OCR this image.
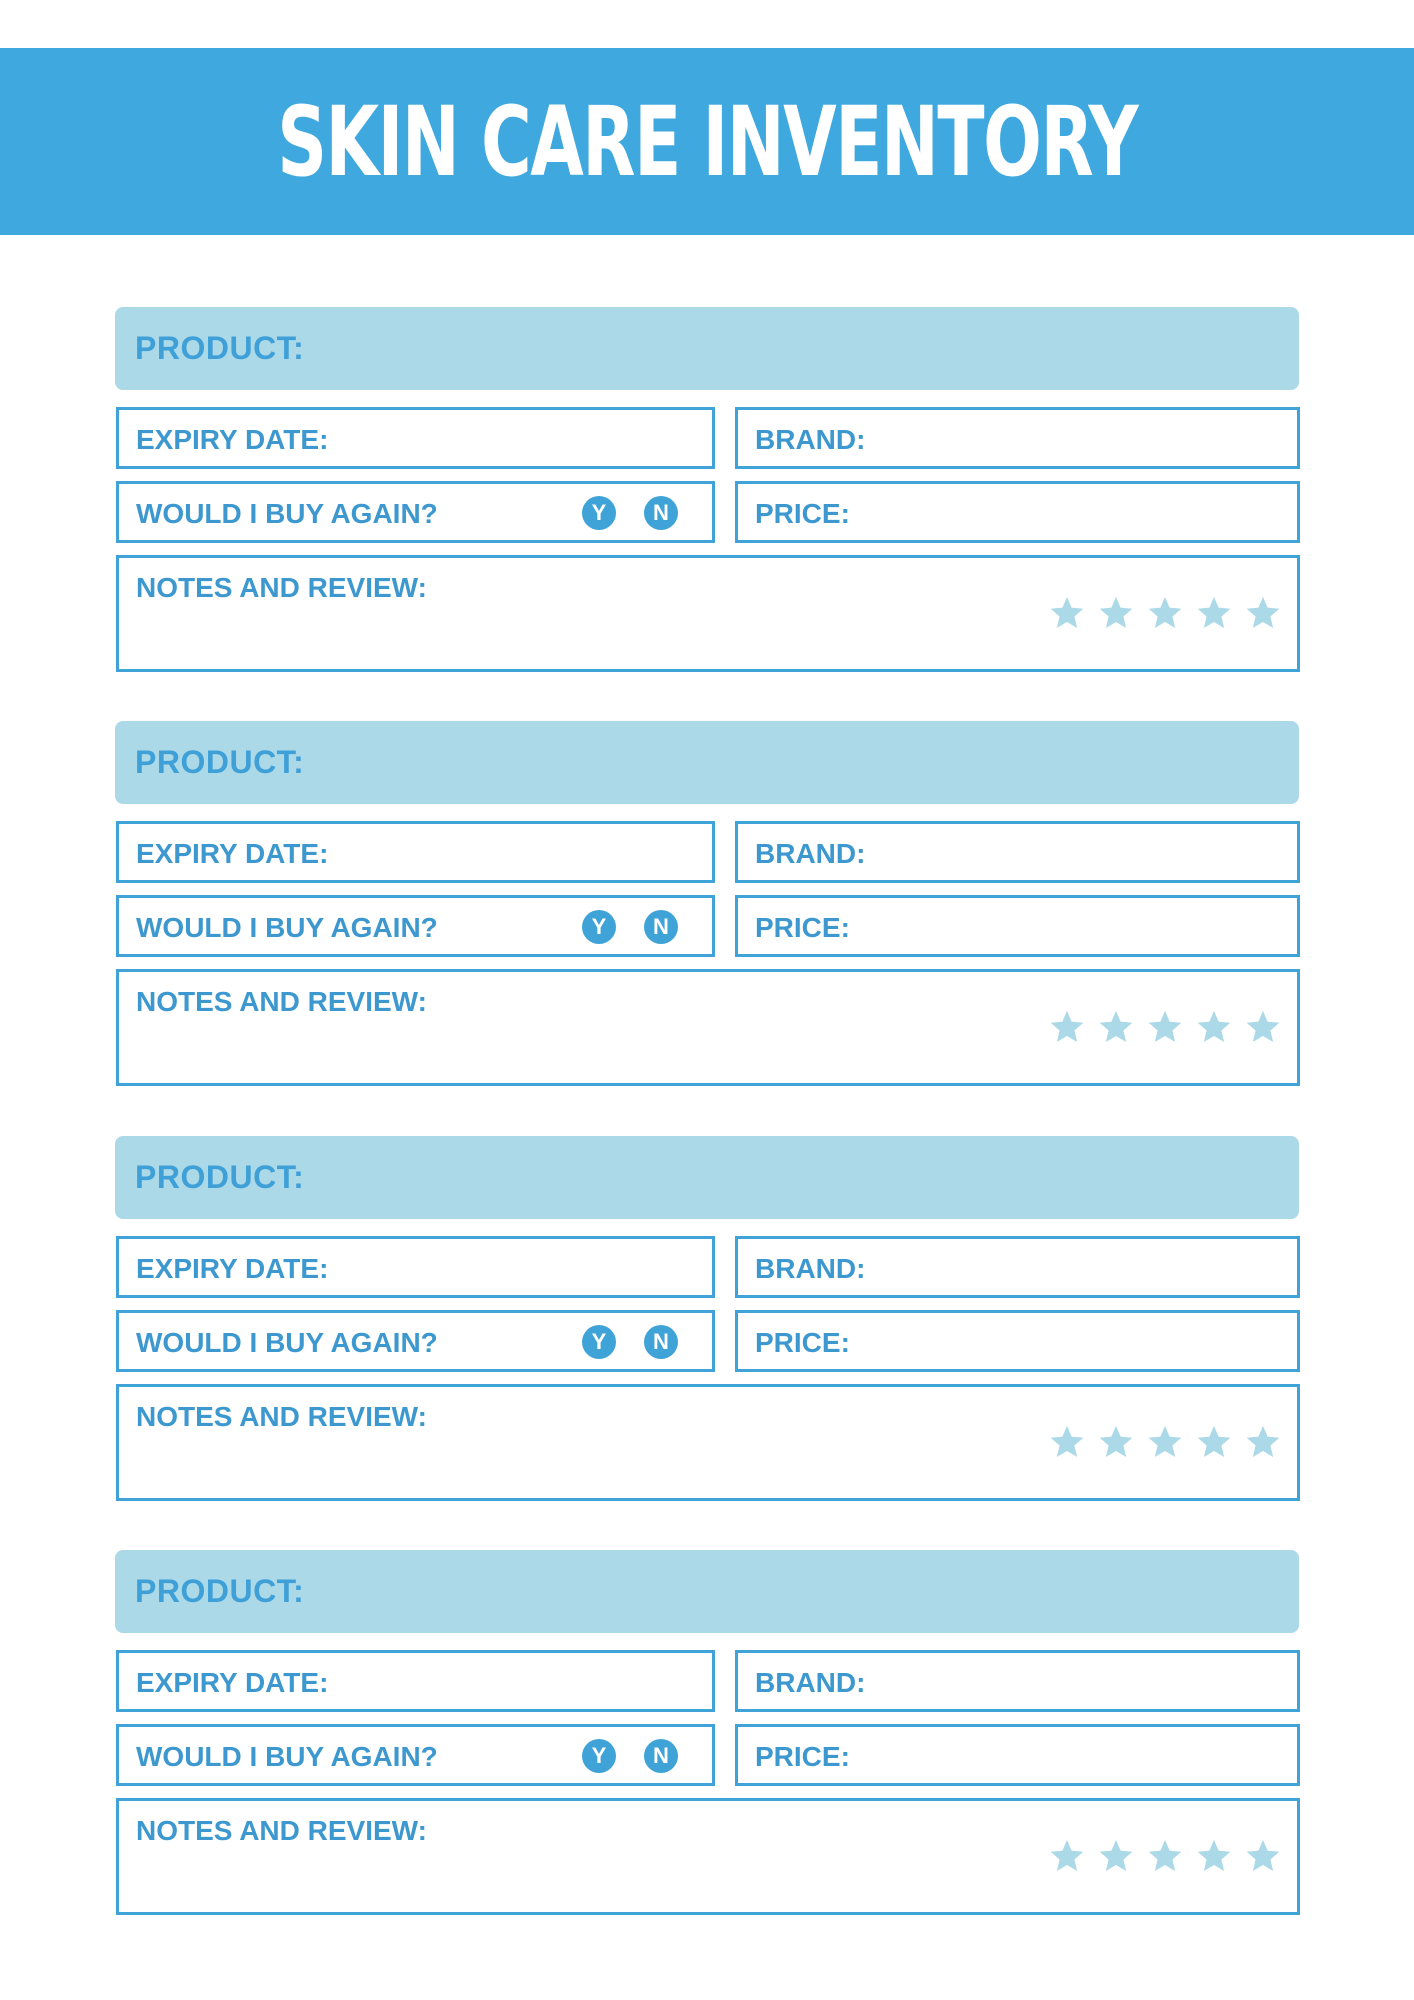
SKIN CARE INVENTORY
PRODUCT:
EXPIRY DATE:	BRAND:
WOULD I BUY AGAIN?	Y	N	PRICE:
NOTES AND REVIEW:
PRODUCT:
EXPIRY DATE:	BRAND:
WOULD I BUY AGAIN?	Y	N	PRICE:
NOTES AND REVIEW:
PRODUCT:
EXPIRY DATE:	BRAND:
WOULD I BUY AGAIN?	Y	N	PRICE:
NOTES AND REVIEW:
PRODUCT:
EXPIRY DATE:	BRAND:
WOULD I BUY AGAIN?	Y	N	PRICE:
NOTES AND REVIEW:
